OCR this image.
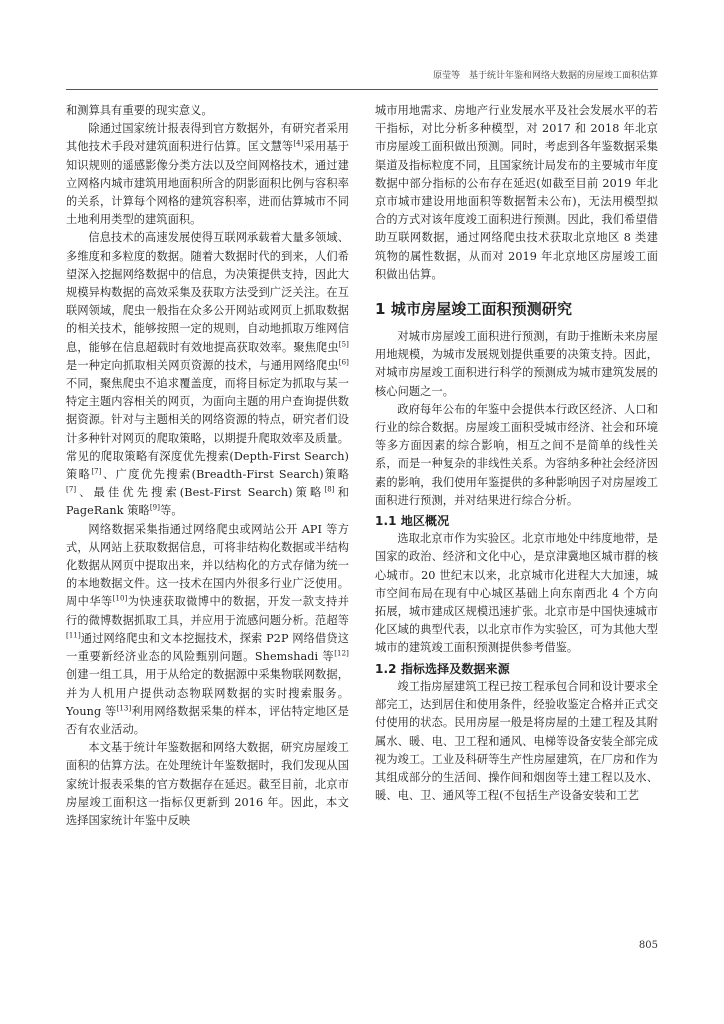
原莹等 基于统计年鉴和网络大数据的房屋竣工面积估算

和测算具有重要的现实意义。

除通过国家统计报表得到官方数据外，有研究者采用其他技术手段对建筑面积进行估算。匡文慧等[4]采用基于知识规则的遥感影像分类方法以及空间网格技术，通过建立网格内城市建筑用地面积所含的阴影面积比例与容积率的关系，计算每个网格的建筑容积率，进而估算城市不同土地利用类型的建筑面积。

信息技术的高速发展使得互联网承载着大量多领域、多维度和多粒度的数据。随着大数据时代的到来，人们希望深入挖掘网络数据中的信息，为决策提供支持，因此大规模异构数据的高效采集及获取方法受到广泛关注。在互联网领域，爬虫一般指在众多公开网站或网页上抓取数据的相关技术，能够按照一定的规则，自动地抓取万维网信息，能够在信息超载时有效地提高获取效率。聚焦爬虫[5]是一种定向抓取相关网页资源的技术，与通用网络爬虫[6]不同，聚焦爬虫不追求覆盖度，而将目标定为抓取与某一特定主题内容相关的网页，为面向主题的用户查询提供数据资源。针对与主题相关的网络资源的特点，研究者们设计多种针对网页的爬取策略，以期提升爬取效率及质量。常见的爬取策略有深度优先搜索(Depth-First Search)策略[7]、广度优先搜索(Breadth-First Search)策略[7]、最佳优先搜索(Best-First Search)策略[8]和 PageRank 策略[9]等。

网络数据采集指通过网络爬虫或网站公开 API 等方式，从网站上获取数据信息，可将非结构化数据或半结构化数据从网页中提取出来，并以结构化的方式存储为统一的本地数据文件。这一技术在国内外很多行业广泛使用。周中华等[10]为快速获取微博中的数据，开发一款支持并行的微博数据抓取工具，并应用于流感问题分析。范超等[11]通过网络爬虫和文本挖掘技术，探索 P2P 网络借贷这一重要新经济业态的风险甄别问题。Shemshadi 等[12]创建一组工具，用于从给定的数据源中采集物联网数据，并为人机用户提供动态物联网数据的实时搜索服务。Young 等[13]利用网络数据采集的样本，评估特定地区是否有农业活动。

本文基于统计年鉴数据和网络大数据，研究房屋竣工面积的估算方法。在处理统计年鉴数据时，我们发现从国家统计报表采集的官方数据存在延迟。截至目前，北京市房屋竣工面积这一指标仅更新到 2016 年。因此，本文选择国家统计年鉴中反映

城市用地需求、房地产行业发展水平及社会发展水平的若干指标，对比分析多种模型，对 2017 和 2018 年北京市房屋竣工面积做出预测。同时，考虑到各年鉴数据采集渠道及指标粒度不同，且国家统计局发布的主要城市年度数据中部分指标的公布存在延迟(如截至目前 2019 年北京市城市建设用地面积等数据暂未公布)，无法用模型拟合的方式对该年度竣工面积进行预测。因此，我们希望借助互联网数据，通过网络爬虫技术获取北京地区 8 类建筑物的属性数据，从而对 2019 年北京地区房屋竣工面积做出估算。

1 城市房屋竣工面积预测研究

对城市房屋竣工面积进行预测，有助于推断未来房屋用地规模，为城市发展规划提供重要的决策支持。因此，对城市房屋竣工面积进行科学的预测成为城市建筑发展的核心问题之一。

政府每年公布的年鉴中会提供本行政区经济、人口和行业的综合数据。房屋竣工面积受城市经济、社会和环境等多方面因素的综合影响，相互之间不是简单的线性关系，而是一种复杂的非线性关系。为容纳多种社会经济因素的影响，我们使用年鉴提供的多种影响因子对房屋竣工面积进行预测，并对结果进行综合分析。

1.1 地区概况

选取北京市作为实验区。北京市地处中纬度地带，是国家的政治、经济和文化中心，是京津冀地区城市群的核心城市。20 世纪末以来，北京城市化进程大大加速，城市空间布局在现有中心城区基础上向东南西北 4 个方向拓展，城市建成区规模迅速扩张。北京市是中国快速城市化区域的典型代表，以北京市作为实验区，可为其他大型城市的建筑竣工面积预测提供参考借鉴。

1.2 指标选择及数据来源

竣工指房屋建筑工程已按工程承包合同和设计要求全部完工，达到居住和使用条件，经验收鉴定合格并正式交付使用的状态。民用房屋一般是将房屋的土建工程及其附属水、暖、电、卫工程和通风、电梯等设备安装全部完成视为竣工。工业及科研等生产性房屋建筑，在厂房和作为其组成部分的生活间、操作间和烟囱等土建工程以及水、暖、电、卫、通风等工程(不包括生产设备安装和工艺

805
